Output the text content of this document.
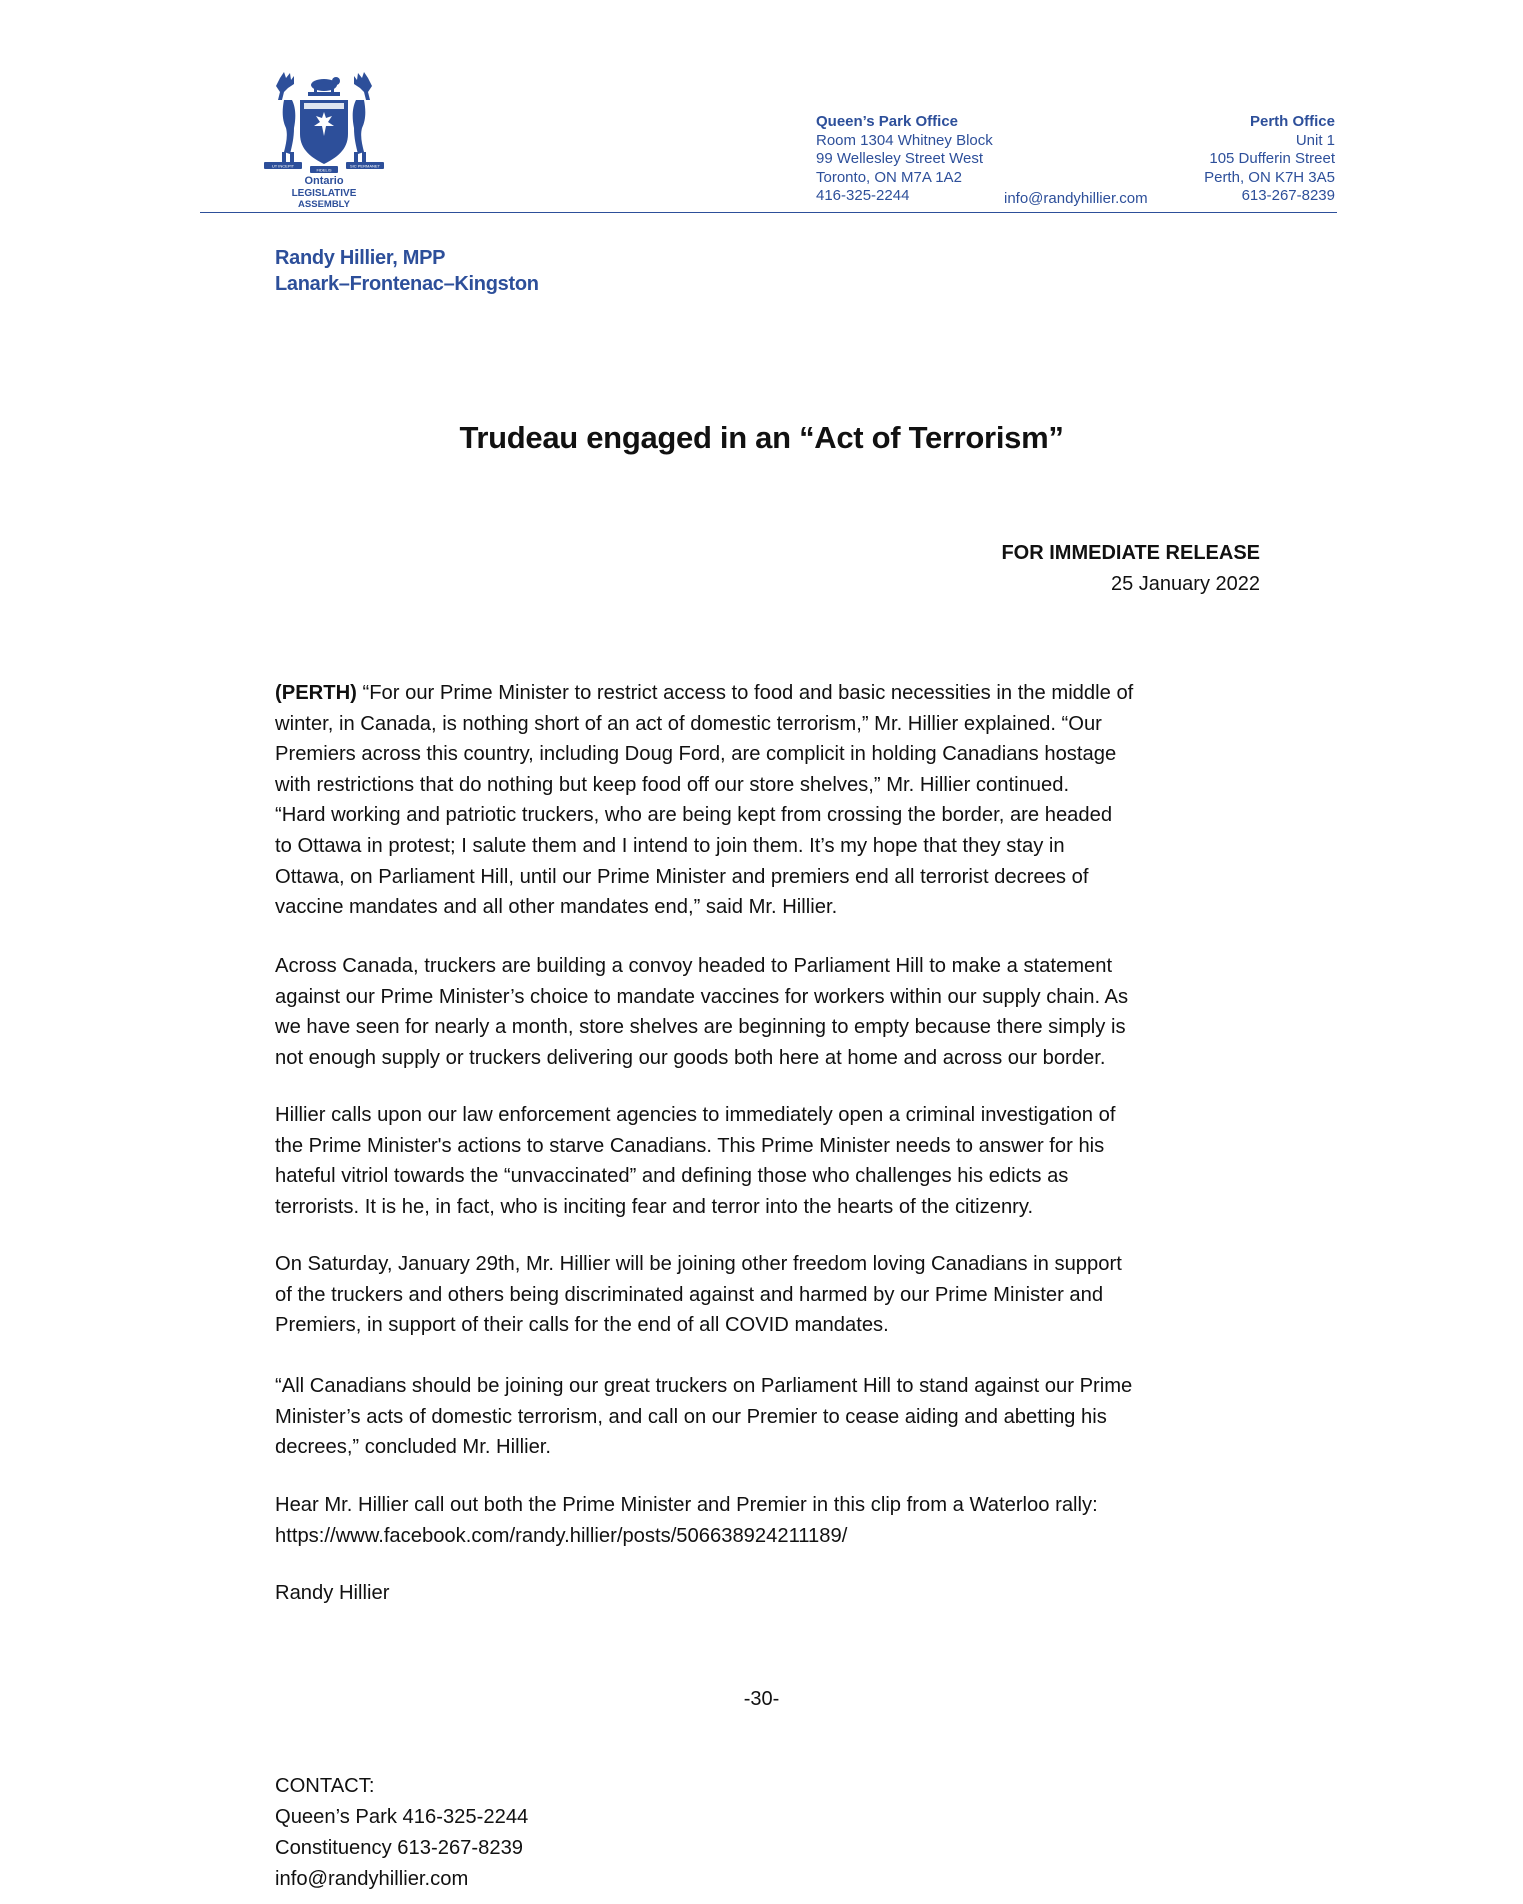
UT INCEPIT	SIC PERMANET
FIDELIS
Ontario
LEGISLATIVE
ASSEMBLY
Queen’s Park Office
Room 1304 Whitney Block
99 Wellesley Street West
Toronto, ON M7A 1A2
416-325-2244	info@randyhillier.com
Perth Office
Unit 1
105 Dufferin Street
Perth, ON K7H 3A5
613-267-8239
Randy Hillier, MPP
Lanark–Frontenac–Kingston
Trudeau engaged in an “Act of Terrorism”
FOR IMMEDIATE RELEASE
25 January 2022
(PERTH) “For our Prime Minister to restrict access to food and basic necessities in the middle of
winter, in Canada, is nothing short of an act of domestic terrorism,” Mr. Hillier explained. “Our
Premiers across this country, including Doug Ford, are complicit in holding Canadians hostage
with restrictions that do nothing but keep food off our store shelves,” Mr. Hillier continued.
“Hard working and patriotic truckers, who are being kept from crossing the border, are headed
to Ottawa in protest; I salute them and I intend to join them. It’s my hope that they stay in
Ottawa, on Parliament Hill, until our Prime Minister and premiers end all terrorist decrees of
vaccine mandates and all other mandates end,” said Mr. Hillier.
Across Canada, truckers are building a convoy headed to Parliament Hill to make a statement
against our Prime Minister’s choice to mandate vaccines for workers within our supply chain. As
we have seen for nearly a month, store shelves are beginning to empty because there simply is
not enough supply or truckers delivering our goods both here at home and across our border.
Hillier calls upon our law enforcement agencies to immediately open a criminal investigation of
the Prime Minister's actions to starve Canadians. This Prime Minister needs to answer for his
hateful vitriol towards the “unvaccinated” and defining those who challenges his edicts as
terrorists. It is he, in fact, who is inciting fear and terror into the hearts of the citizenry.
On Saturday, January 29th, Mr. Hillier will be joining other freedom loving Canadians in support
of the truckers and others being discriminated against and harmed by our Prime Minister and
Premiers, in support of their calls for the end of all COVID mandates.
“All Canadians should be joining our great truckers on Parliament Hill to stand against our Prime
Minister’s acts of domestic terrorism, and call on our Premier to cease aiding and abetting his
decrees,” concluded Mr. Hillier.
Hear Mr. Hillier call out both the Prime Minister and Premier in this clip from a Waterloo rally:
https://www.facebook.com/randy.hillier/posts/506638924211189/
Randy Hillier
-30-
CONTACT:
Queen’s Park 416-325-2244
Constituency 613-267-8239
info@randyhillier.com
